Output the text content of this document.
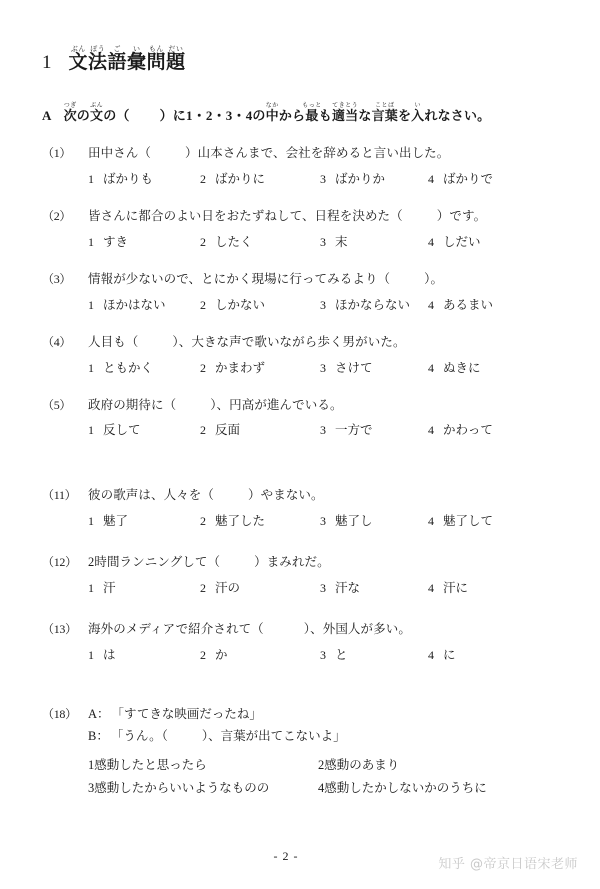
1 文ぶん法ぽう語ご彙い問もん題だい
A 次つぎの文ぶんの（ ）に1・2・3・4の中なかから最もっとも適当てきとうな言葉ことばを入いれなさい。
（1）	田中さん（	）山本さんまで、会社を辞めると言い出した。
1 ばかりも	2 ばかりに	3 ばかりか	4 ばかりで
（2）	皆さんに都合のよい日をおたずねして、日程を決めた（	）です。
1 すき	2 したく	3 末	4 しだい
（3）	情報が少ないので、とにかく現場に行ってみるより（	）。
1 ほかはない	2 しかない	3 ほかならない 4 あるまい
（4）	人目も（	）、大きな声で歌いながら歩く男がいた。
1 ともかく	2 かまわず	3 さけて	4 ぬきに
（5）	政府の期待に（	）、円高が進んでいる。
1 反して	2 反面	3 一方で	4 かわって
（11） 彼の歌声は、人々を（	）やまない。
1 魅了	2 魅了した	3 魅了し	4 魅了して
（12） 2時間ランニングして（	）まみれだ。
1 汗	2 汗の	3 汗な	4 汗に
（13） 海外のメディアで紹介されて（	）、外国人が多い。
1 は	2 か	3 と	4 に
（18） A： 「すてきな映画だったね」
B： 「うん。（	）、言葉が出てこないよ」
1 感動したと思ったら	2 感動のあまり
3 感動したからいいようなものの	4 感動したかしないかのうちに
- 2 -
知乎 @帝京日语宋老师
